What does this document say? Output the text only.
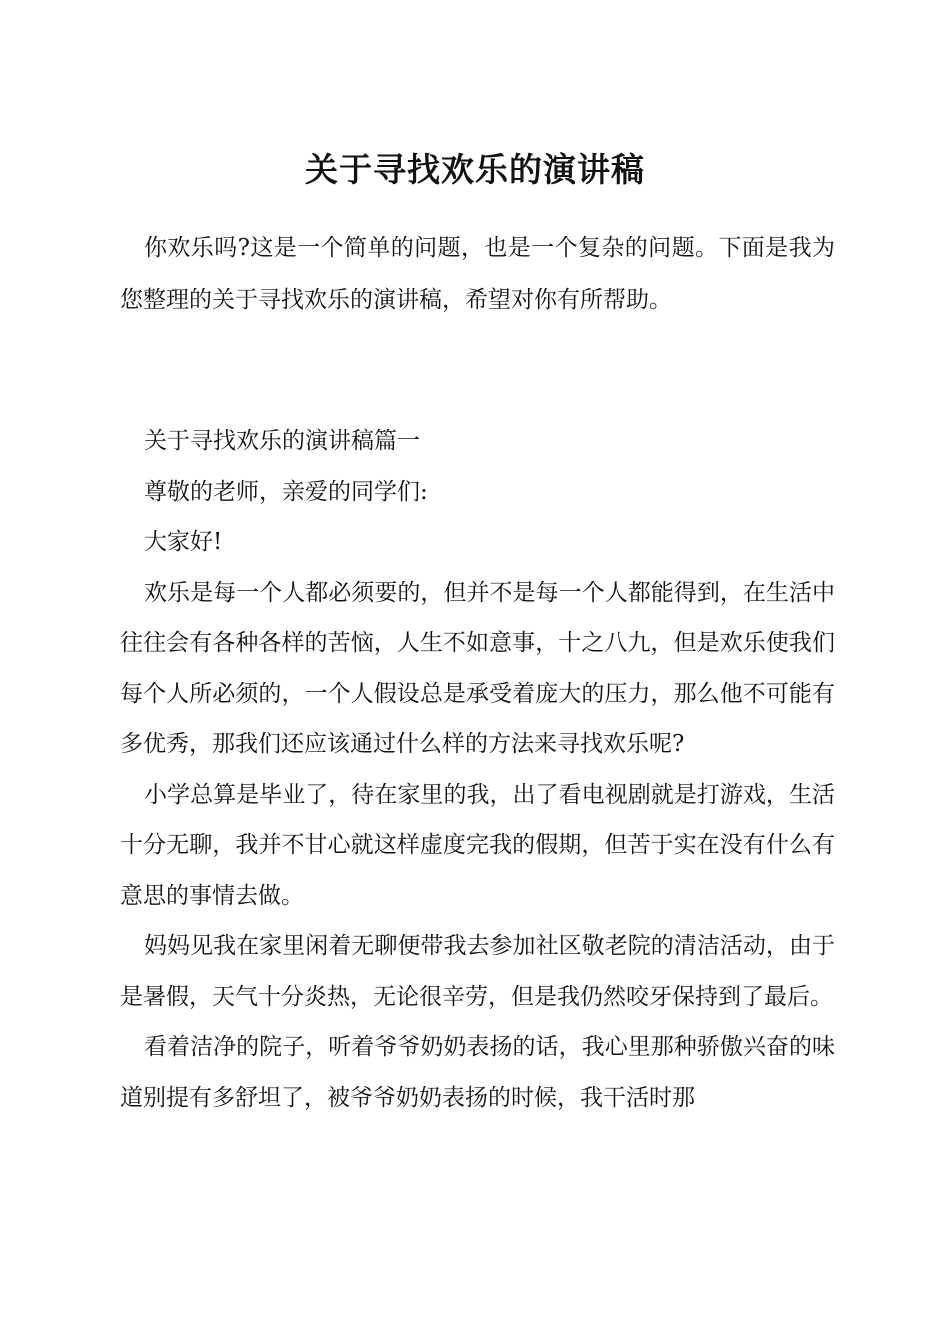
关于寻找欢乐的演讲稿

你欢乐吗?这是一个简单的问题，也是一个复杂的问题。下面是我为您整理的关于寻找欢乐的演讲稿，希望对你有所帮助。

关于寻找欢乐的演讲稿篇一

尊敬的老师，亲爱的同学们:

大家好!

欢乐是每一个人都必须要的，但并不是每一个人都能得到，在生活中往往会有各种各样的苦恼，人生不如意事，十之八九，但是欢乐使我们每个人所必须的，一个人假设总是承受着庞大的压力，那么他不可能有多优秀，那我们还应该通过什么样的方法来寻找欢乐呢?

小学总算是毕业了，待在家里的我，出了看电视剧就是打游戏，生活十分无聊，我并不甘心就这样虚度完我的假期，但苦于实在没有什么有意思的事情去做。

妈妈见我在家里闲着无聊便带我去参加社区敬老院的清洁活动，由于是暑假，天气十分炎热，无论很辛劳，但是我仍然咬牙保持到了最后。

看着洁净的院子，听着爷爷奶奶表扬的话，我心里那种骄傲兴奋的味道别提有多舒坦了，被爷爷奶奶表扬的时候，我干活时那
